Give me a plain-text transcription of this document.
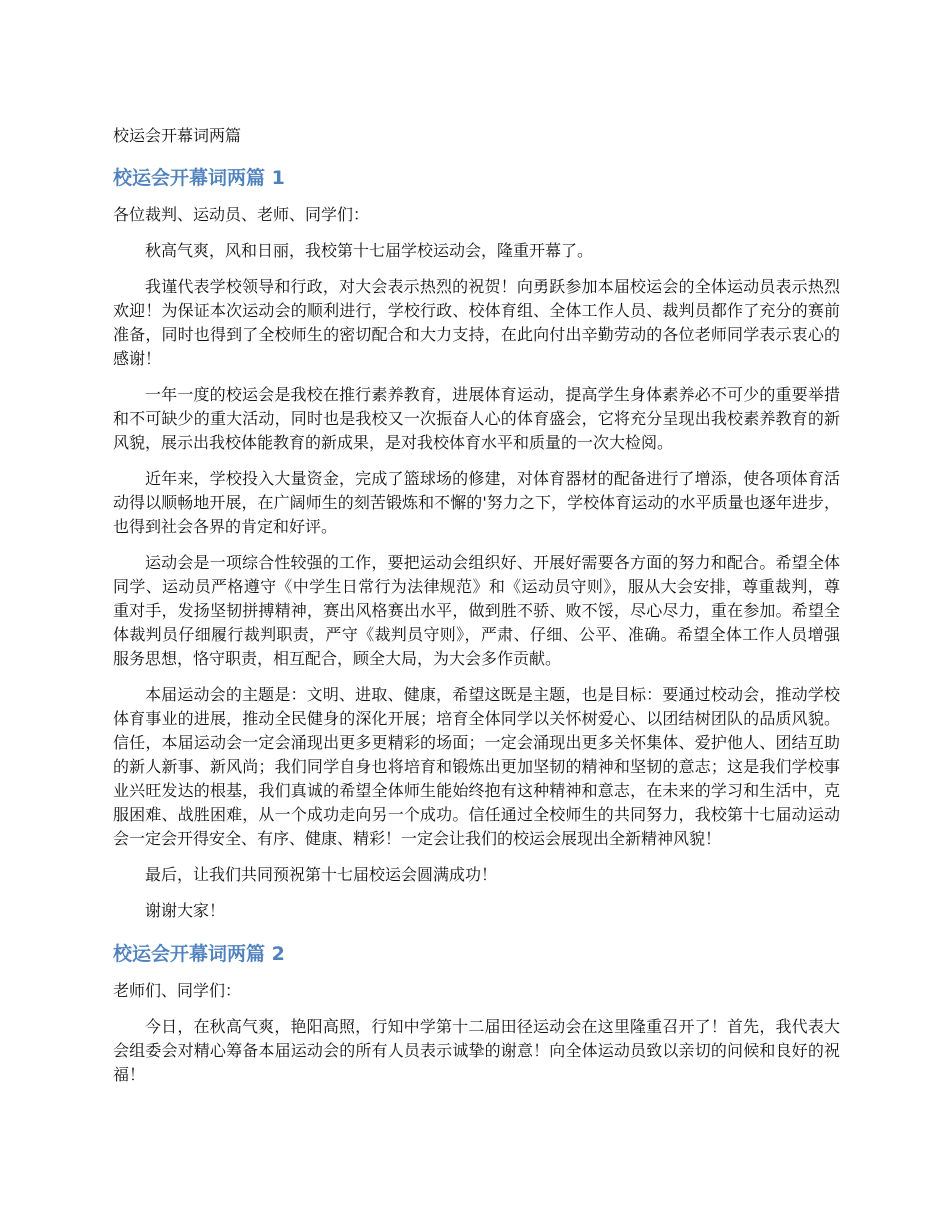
校运会开幕词两篇

校运会开幕词两篇 1

各位裁判、运动员、老师、同学们：

秋高气爽，风和日丽，我校第十七届学校运动会，隆重开幕了。

我谨代表学校领导和行政，对大会表示热烈的祝贺！向勇跃参加本届校运会的全体运动员表示热烈欢迎！为保证本次运动会的顺利进行，学校行政、校体育组、全体工作人员、裁判员都作了充分的赛前准备，同时也得到了全校师生的密切配合和大力支持，在此向付出辛勤劳动的各位老师同学表示衷心的感谢！

一年一度的校运会是我校在推行素养教育，进展体育运动，提高学生身体素养必不可少的重要举措和不可缺少的重大活动，同时也是我校又一次振奋人心的体育盛会，它将充分呈现出我校素养教育的新风貌，展示出我校体能教育的新成果，是对我校体育水平和质量的一次大检阅。

近年来，学校投入大量资金，完成了篮球场的修建，对体育器材的配备进行了增添，使各项体育活动得以顺畅地开展，在广阔师生的刻苦锻炼和不懈的'努力之下，学校体育运动的水平质量也逐年进步，也得到社会各界的肯定和好评。

运动会是一项综合性较强的工作，要把运动会组织好、开展好需要各方面的努力和配合。希望全体同学、运动员严格遵守《中学生日常行为法律规范》和《运动员守则》，服从大会安排，尊重裁判，尊重对手，发扬坚韧拼搏精神，赛出风格赛出水平，做到胜不骄、败不馁，尽心尽力，重在参加。希望全体裁判员仔细履行裁判职责，严守《裁判员守则》，严肃、仔细、公平、准确。希望全体工作人员增强服务思想，恪守职责，相互配合，顾全大局，为大会多作贡献。

本届运动会的主题是：文明、进取、健康，希望这既是主题，也是目标：要通过校动会，推动学校体育事业的进展，推动全民健身的深化开展；培育全体同学以关怀树爱心、以团结树团队的品质风貌。信任，本届运动会一定会涌现出更多更精彩的场面；一定会涌现出更多关怀集体、爱护他人、团结互助的新人新事、新风尚；我们同学自身也将培育和锻炼出更加坚韧的精神和坚韧的意志；这是我们学校事业兴旺发达的根基，我们真诚的希望全体师生能始终抱有这种精神和意志，在未来的学习和生活中，克服困难、战胜困难，从一个成功走向另一个成功。信任通过全校师生的共同努力，我校第十七届动运动会一定会开得安全、有序、健康、精彩！一定会让我们的校运会展现出全新精神风貌！

最后，让我们共同预祝第十七届校运会圆满成功！

谢谢大家！

校运会开幕词两篇 2

老师们、同学们：

今日，在秋高气爽，艳阳高照，行知中学第十二届田径运动会在这里隆重召开了！首先，我代表大会组委会对精心筹备本届运动会的所有人员表示诚挚的谢意！向全体运动员致以亲切的问候和良好的祝福！
